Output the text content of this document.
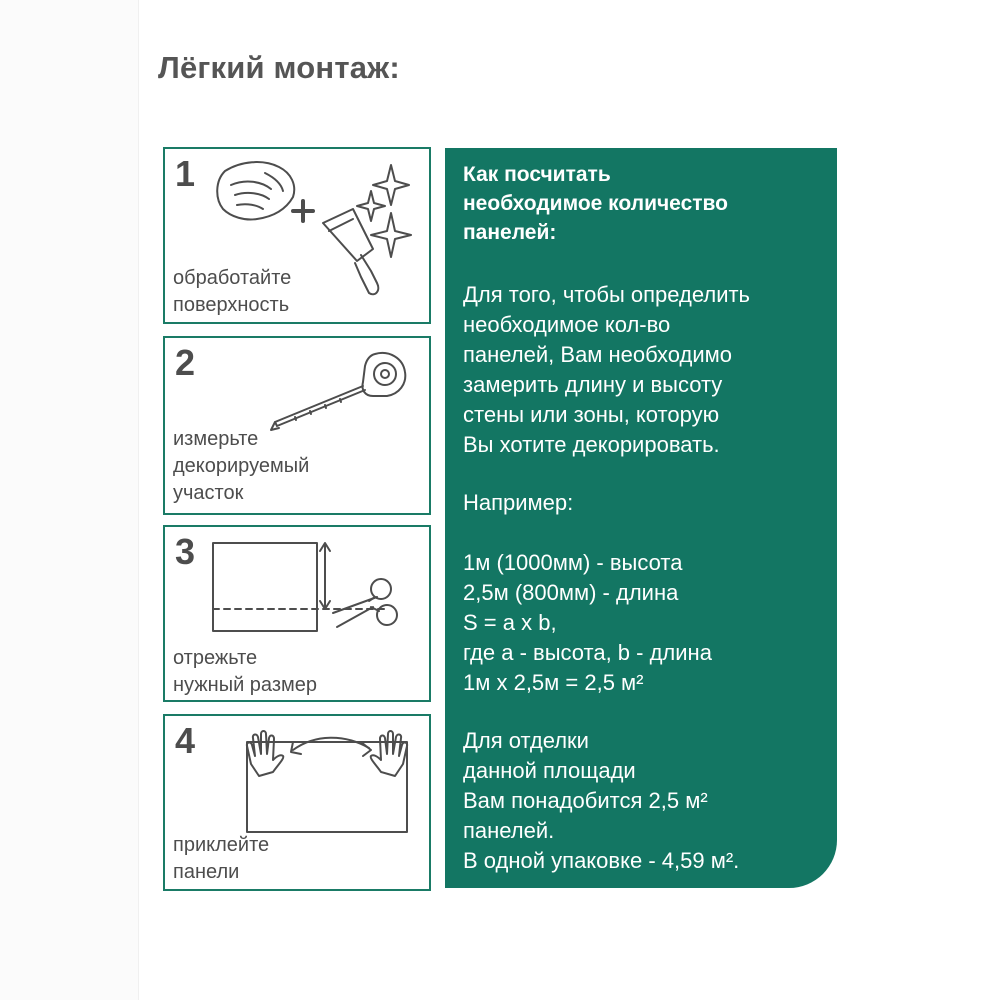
Лёгкий монтаж:
1
обработайте
поверхность
2
измерьте
декорируемый
участок
3
отрежьте
нужный размер
4
приклейте
панели
Как посчитать
необходимое количество
панелей:
Для того, чтобы определить
необходимое кол-во
панелей, Вам необходимо
замерить длину и высоту
стены или зоны, которую
Вы хотите декорировать.
Например:
1м (1000мм) - высота
2,5м (800мм) - длина
S = a x b,
где a - высота, b - длина
1м х 2,5м = 2,5 м²
Для отделки
данной площади
Вам понадобится 2,5 м²
панелей.
В одной упаковке - 4,59 м².
